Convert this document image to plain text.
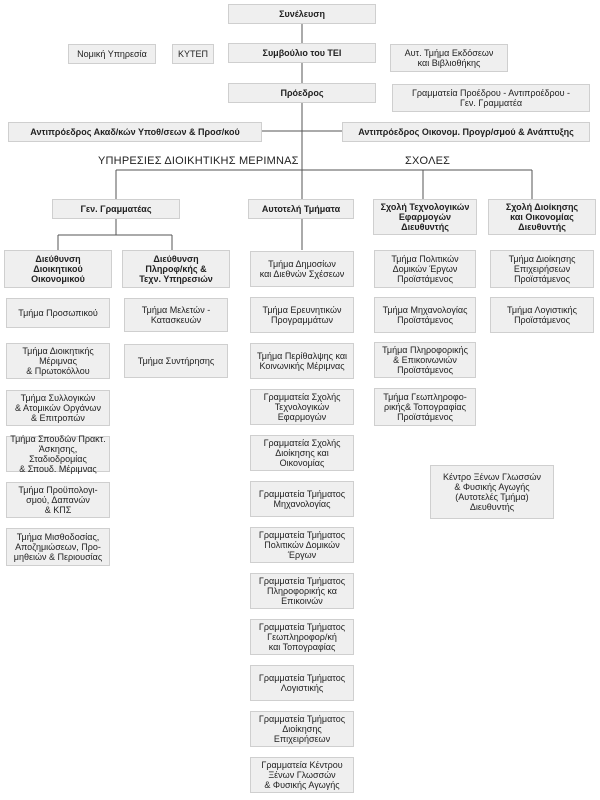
Συνέλευση
Νομική Υπηρεσία	ΚΥΤΕΠ	Συμβούλιο του ΤΕΙ	Αυτ. Τμήμα Εκδόσεων
και Βιβλιοθήκης
Πρόεδρος	Γραμματεία Προέδρου - Αντιπροέδρου -
Γεν. Γραμματέα
Αντιπρόεδρος Ακαδ/κών Υποθ/σεων & Προσ/κού	Αντιπρόεδρος Οικονομ. Προγρ/σμού & Ανάπτυξης
ΥΠΗΡΕΣΙΕΣ ΔΙΟΙΚΗΤΙΚΗΣ ΜΕΡΙΜΝΑΣ	ΣΧΟΛΕΣ
Γεν. Γραμματέας	Αυτοτελή Τμήματα	Σχολή Τεχνολογικών
Εφαρμογών
Διευθυντής
Σχολή Διοίκησης
και Οικονομίας
Διευθυντής
Διεύθυνση
Διοικητικού
Οικονομικού
Διεύθυνση
Πληροφ/κής &
Τεχν. Υπηρεσιών
Τμήμα Προσωπικού
Τμήμα Διοικητικής
Μέριμνας
& Πρωτοκόλλου
Τμήμα Συλλογικών
& Ατομικών Οργάνων
& Επιτροπών
Τμήμα Σπουδών Πρακτ.
Άσκησης, Σταδιοδρομίας
& Σπουδ. Μέριμνας
Τμήμα Προϋπολογι-
σμού, Δαπανών
& ΚΠΣ
Τμήμα Μισθοδοσίας,
Αποζημιώσεων, Προ-
μηθειών & Περιουσίας
Τμήμα Μελετών -
Κατασκευών
Τμήμα Συντήρησης
Τμήμα Δημοσίων
και Διεθνών Σχέσεων
Τμήμα Ερευνητικών
Προγραμμάτων
Τμήμα Περίθαλψης και
Κοινωνικής Μέριμνας
Γραμματεία Σχολής
Τεχνολογικών
Εφαρμογών
Γραμματεία Σχολής
Διοίκησης και
Οικονομίας
Γραμματεία Τμήματος
Μηχανολογίας
Γραμματεία Τμήματος
Πολιτικών Δομικών
Έργων
Γραμματεία Τμήματος
Πληροφορικής κα
Επικοινών
Γραμματεία Τμήματος
Γεωπληροφορ/κή
και Τοπογραφίας
Γραμματεία Τμήματος
Λογιστικής
Γραμματεία Τμήματος
Διοίκησης
Επιχειρήσεων
Γραμματεία Κέντρου
Ξένων Γλωσσών
& Φυσικής Αγωγής
Τμήμα Πολιτικών
Δομικών Έργων
Προϊστάμενος
Τμήμα Μηχανολογίας
Προϊστάμενος
Τμήμα Πληροφορικής
& Επικοινωνιών
Προϊστάμενος
Τμήμα Γεωπληροφο-
ρικής& Τοπογραφίας
Προϊστάμενος
Τμήμα Διοίκησης
Επιχειρήσεων
Προϊστάμενος
Τμήμα Λογιστικής
Προϊστάμενος
Κέντρο Ξένων Γλωσσών
& Φυσικής Αγωγής
(Αυτοτελές Τμήμα)
Διευθυντής
